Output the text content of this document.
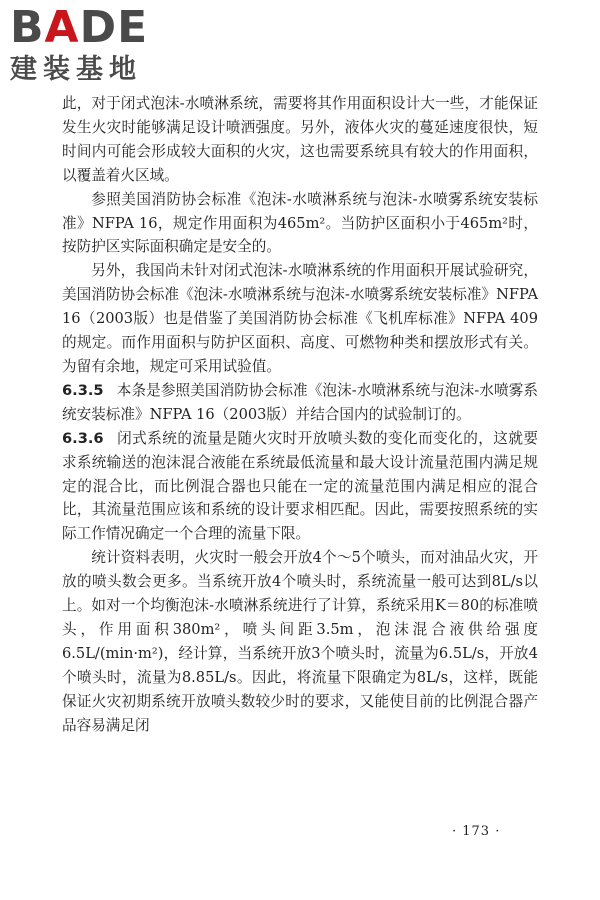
BADE
建装基地

此，对于闭式泡沫-水喷淋系统，需要将其作用面积设计大一些，才能保证发生火灾时能够满足设计喷洒强度。另外，液体火灾的蔓延速度很快，短时间内可能会形成较大面积的火灾，这也需要系统具有较大的作用面积，以覆盖着火区域。

参照美国消防协会标准《泡沫-水喷淋系统与泡沫-水喷雾系统安装标准》NFPA 16，规定作用面积为465m²。当防护区面积小于465m²时，按防护区实际面积确定是安全的。

另外，我国尚未针对闭式泡沫-水喷淋系统的作用面积开展试验研究，美国消防协会标准《泡沫-水喷淋系统与泡沫-水喷雾系统安装标准》NFPA 16（2003版）也是借鉴了美国消防协会标准《飞机库标准》NFPA 409的规定。而作用面积与防护区面积、高度、可燃物种类和摆放形式有关。为留有余地，规定可采用试验值。

6.3.5 本条是参照美国消防协会标准《泡沫-水喷淋系统与泡沫-水喷雾系统安装标准》NFPA 16（2003版）并结合国内的试验制订的。

6.3.6 闭式系统的流量是随火灾时开放喷头数的变化而变化的，这就要求系统输送的泡沫混合液能在系统最低流量和最大设计流量范围内满足规定的混合比，而比例混合器也只能在一定的流量范围内满足相应的混合比，其流量范围应该和系统的设计要求相匹配。因此，需要按照系统的实际工作情况确定一个合理的流量下限。

统计资料表明，火灾时一般会开放4个～5个喷头，而对油品火灾，开放的喷头数会更多。当系统开放4个喷头时，系统流量一般可达到8L/s以上。如对一个均衡泡沫-水喷淋系统进行了计算，系统采用K＝80的标准喷头，作用面积380m²，喷头间距3.5m，泡沫混合液供给强度6.5L/(min·m²)，经计算，当系统开放3个喷头时，流量为6.5L/s，开放4个喷头时，流量为8.85L/s。因此，将流量下限确定为8L/s，这样，既能保证火灾初期系统开放喷头数较少时的要求，又能使目前的比例混合器产品容易满足闭

· 173 ·
